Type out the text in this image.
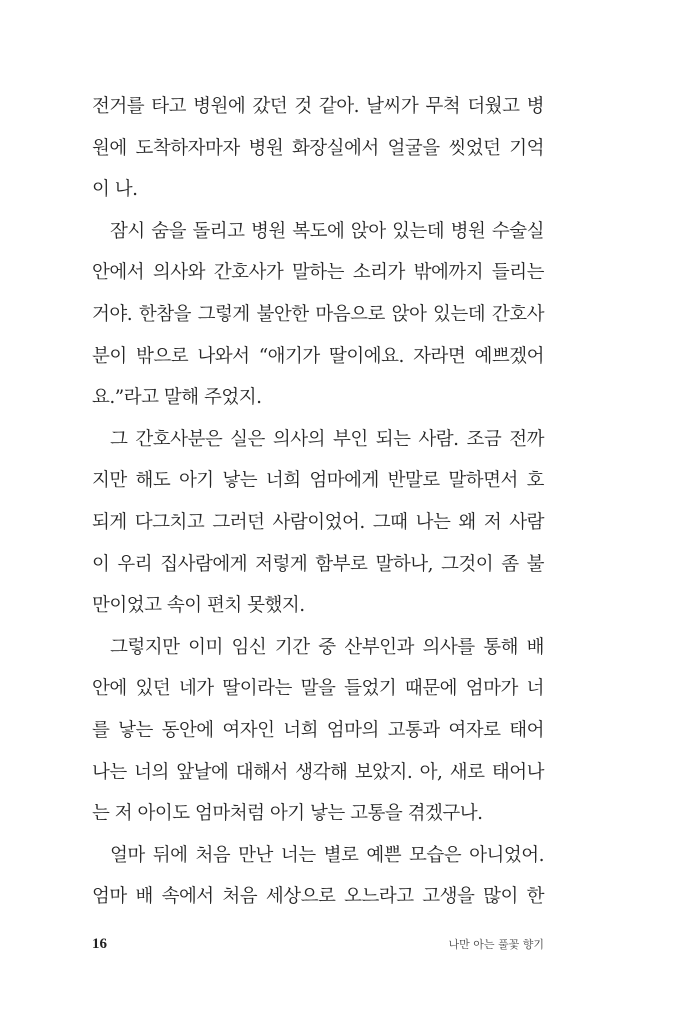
전거를 타고 병원에 갔던 것 같아. 날씨가 무척 더웠고 병
원에 도착하자마자 병원 화장실에서 얼굴을 씻었던 기억
이 나.
잠시 숨을 돌리고 병원 복도에 앉아 있는데 병원 수술실
안에서 의사와 간호사가 말하는 소리가 밖에까지 들리는
거야. 한참을 그렇게 불안한 마음으로 앉아 있는데 간호사
분이 밖으로 나와서 “애기가 딸이에요. 자라면 예쁘겠어
요.”라고 말해 주었지.
그 간호사분은 실은 의사의 부인 되는 사람. 조금 전까
지만 해도 아기 낳는 너희 엄마에게 반말로 말하면서 호
되게 다그치고 그러던 사람이었어. 그때 나는 왜 저 사람
이 우리 집사람에게 저렇게 함부로 말하나, 그것이 좀 불
만이었고 속이 편치 못했지.
그렇지만 이미 임신 기간 중 산부인과 의사를 통해 배
안에 있던 네가 딸이라는 말을 들었기 때문에 엄마가 너
를 낳는 동안에 여자인 너희 엄마의 고통과 여자로 태어
나는 너의 앞날에 대해서 생각해 보았지. 아, 새로 태어나
는 저 아이도 엄마처럼 아기 낳는 고통을 겪겠구나.
얼마 뒤에 처음 만난 너는 별로 예쁜 모습은 아니었어.
엄마 배 속에서 처음 세상으로 오느라고 고생을 많이 한
16	나만 아는 풀꽃 향기
